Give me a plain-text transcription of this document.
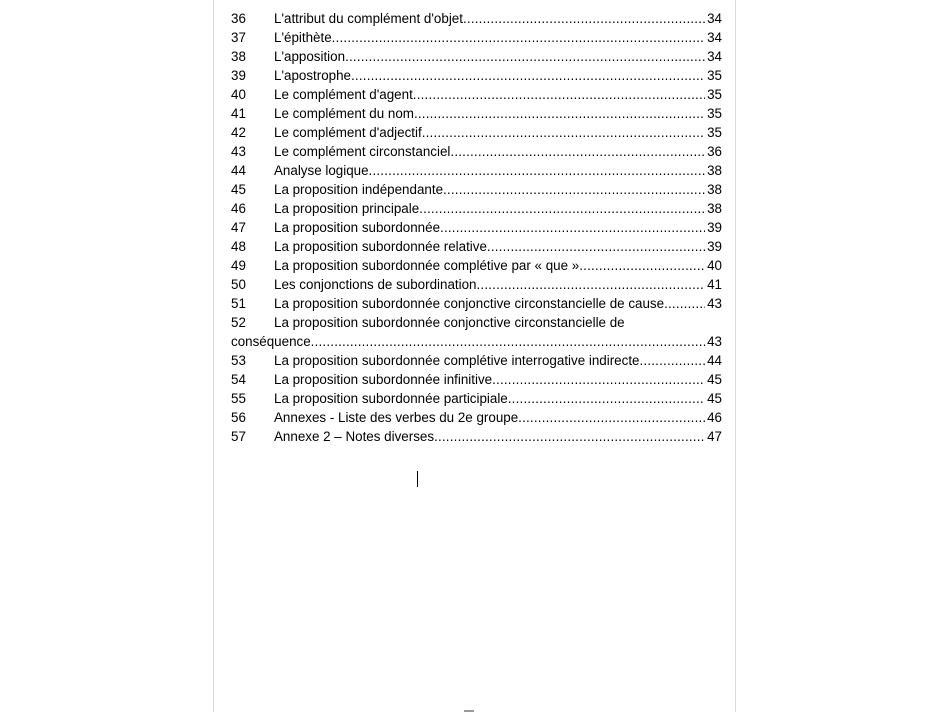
36	L'attribut du complément d'objet .....	34
37	L'épithète .....	34
38	L'apposition .....	34
39	L'apostrophe .....	35
40	Le complément d'agent .....	35
41	Le complément du nom .....	35
42	Le complément d'adjectif .....	35
43	Le complément circonstanciel .....	36
44	Analyse logique .....	38
45	La proposition indépendante .....	38
46	La proposition principale .....	38
47	La proposition subordonnée .....	39
48	La proposition subordonnée relative .....	39
49	La proposition subordonnée complétive par « que » .....	40
50	Les conjonctions de subordination .....	41
51	La proposition subordonnée conjonctive circonstancielle de cause .....	43
52	La proposition subordonnée conjonctive circonstancielle de
conséquence .....	43
53	La proposition subordonnée complétive interrogative indirecte .....	44
54	La proposition subordonnée infinitive .....	45
55	La proposition subordonnée participiale .....	45
56	Annexes - Liste des verbes du 2e groupe .....	46
57	Annexe 2 – Notes diverses .....	47
